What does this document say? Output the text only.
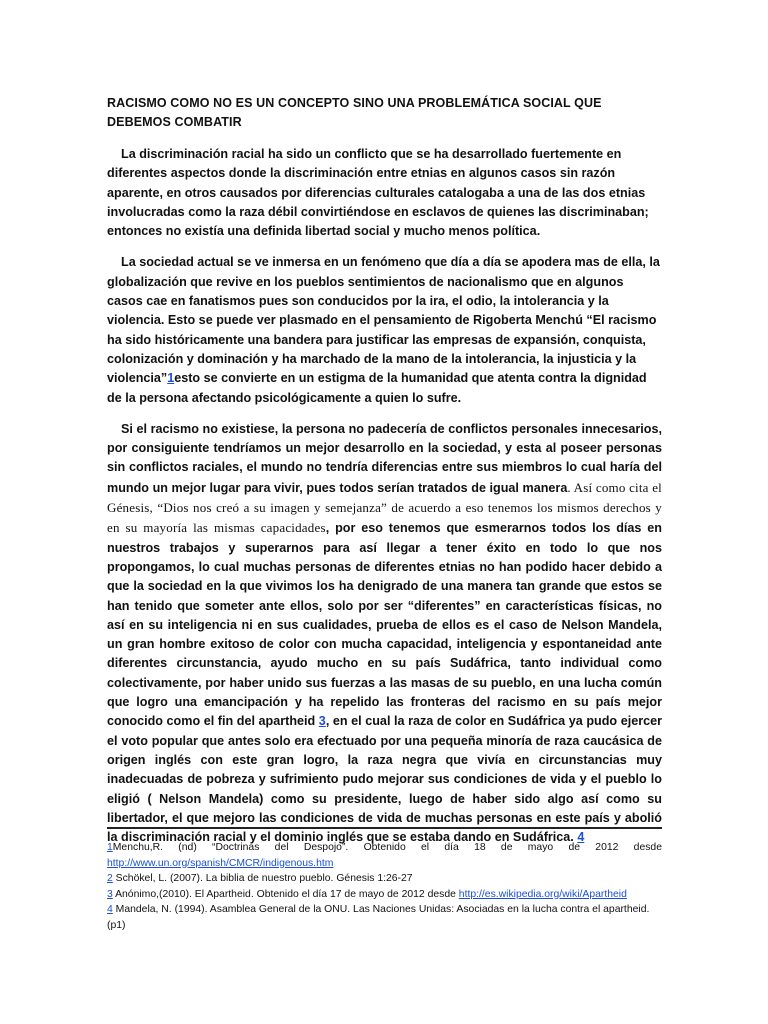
RACISMO COMO NO ES UN CONCEPTO SINO UNA PROBLEMÁTICA SOCIAL QUE DEBEMOS COMBATIR

La discriminación racial ha sido un conflicto que se ha desarrollado fuertemente en diferentes aspectos donde la discriminación entre etnias en algunos casos sin razón aparente, en otros causados por diferencias culturales catalogaba a una de las dos etnias involucradas como la raza débil convirtiéndose en esclavos de quienes las discriminaban; entonces no existía una definida libertad social y mucho menos política.

La sociedad actual se ve inmersa en un fenómeno que día a día se apodera mas de ella, la globalización que revive en los pueblos sentimientos de nacionalismo que en algunos casos cae en fanatismos pues son conducidos por la ira, el odio, la intolerancia y la violencia. Esto se puede ver plasmado en el pensamiento de Rigoberta Menchú “El racismo ha sido históricamente una bandera para justificar las empresas de expansión, conquista, colonización y dominación y ha marchado de la mano de la intolerancia, la injusticia y la violencia”1esto se convierte en un estigma de la humanidad que atenta contra la dignidad de la persona afectando psicológicamente a quien lo sufre.

Si el racismo no existiese, la persona no padecería de conflictos personales innecesarios, por consiguiente tendríamos un mejor desarrollo en la sociedad, y esta al poseer personas sin conflictos raciales, el mundo no tendría diferencias entre sus miembros lo cual haría del mundo un mejor lugar para vivir, pues todos serían tratados de igual manera. Así como cita el Génesis, “Dios nos creó a su imagen y semejanza” de acuerdo a eso tenemos los mismos derechos y en su mayoría las mismas capacidades, por eso tenemos que esmerarnos todos los días en nuestros trabajos y superarnos para así llegar a tener éxito en todo lo que nos propongamos, lo cual muchas personas de diferentes etnias no han podido hacer debido a que la sociedad en la que vivimos los ha denigrado de una manera tan grande que estos se han tenido que someter ante ellos, solo por ser “diferentes” en características físicas, no así en su inteligencia ni en sus cualidades, prueba de ellos es el caso de Nelson Mandela, un gran hombre exitoso de color con mucha capacidad, inteligencia y espontaneidad ante diferentes circunstancia, ayudo mucho en su país Sudáfrica, tanto individual como colectivamente, por haber unido sus fuerzas a las masas de su pueblo, en una lucha común que logro una emancipación y ha repelido las fronteras del racismo en su país mejor conocido como el fin del apartheid 3, en el cual la raza de color en Sudáfrica ya pudo ejercer el voto popular que antes solo era efectuado por una pequeña minoría de raza caucásica de origen inglés con este gran logro, la raza negra que vivía en circunstancias muy inadecuadas de pobreza y sufrimiento pudo mejorar sus condiciones de vida y el pueblo lo eligió ( Nelson Mandela) como su presidente, luego de haber sido algo así como su libertador, el que mejoro las condiciones de vida de muchas personas en este país y abolió la discriminación racial y el dominio inglés que se estaba dando en Sudáfrica. 4

1Menchu,R. (nd) “Doctrinas del Despojo”. Obtenido el día 18 de mayo de 2012 desde

http://www.un.org/spanish/CMCR/indigenous.htm

2 Schökel, L. (2007). La biblia de nuestro pueblo. Génesis 1:26-27

3 Anónimo,(2010). El Apartheid. Obtenido el día 17 de mayo de 2012 desde http://es.wikipedia.org/wiki/Apartheid

4 Mandela, N. (1994). Asamblea General de la ONU. Las Naciones Unidas: Asociadas en la lucha contra el apartheid. (p1)
